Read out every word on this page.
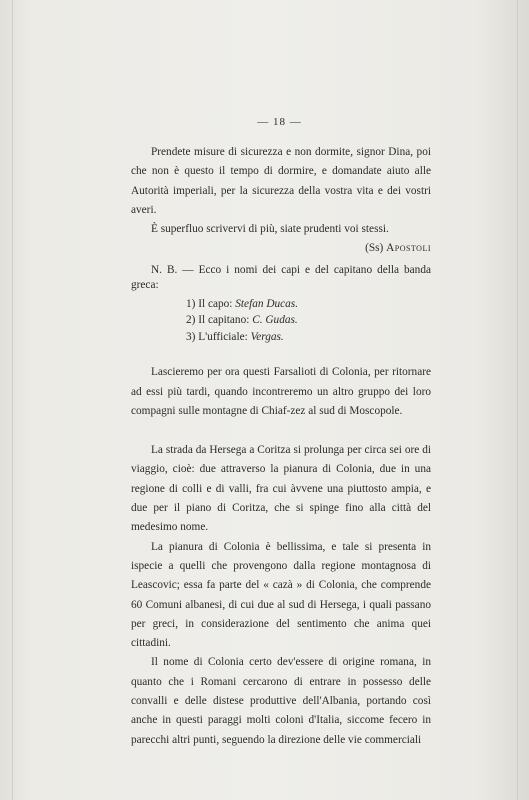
— 18 —

Prendete misure di sicurezza e non dormite, signor Dina, poi che non è questo il tempo di dormire, e domandate aiuto alle Autorità imperiali, per la sicurezza della vostra vita e dei vostri averi.

È superfluo scrivervi di più, siate prudenti voi stessi.

(Ss) Apostoli

N. B. — Ecco i nomi dei capi e del capitano della banda greca:

1) Il capo: Stefan Ducas.
2) Il capitano: C. Gudas.
3) L'ufficiale: Vergas.

Lascieremo per ora questi Farsalioti di Colonia, per ritornare ad essi più tardi, quando incontreremo un altro gruppo dei loro compagni sulle montagne di Chiaf-zez al sud di Moscopole.

La strada da Hersega a Coritza si prolunga per circa sei ore di viaggio, cioè: due attraverso la pianura di Colonia, due in una regione di colli e di valli, fra cui àvvene una piuttosto ampia, e due per il piano di Coritza, che si spinge fino alla città del medesimo nome.

La pianura di Colonia è bellissima, e tale si presenta in ispecie a quelli che provengono dalla regione montagnosa di Leascovic; essa fa parte del « cazà » di Colonia, che comprende 60 Comuni albanesi, di cui due al sud di Hersega, i quali passano per greci, in considerazione del sentimento che anima quei cittadini.

Il nome di Colonia certo dev'essere di origine romana, in quanto che i Romani cercarono di entrare in possesso delle convalli e delle distese produttive dell'Albania, portando così anche in questi paraggi molti coloni d'Italia, siccome fecero in parecchi altri punti, seguendo la direzione delle vie commerciali
